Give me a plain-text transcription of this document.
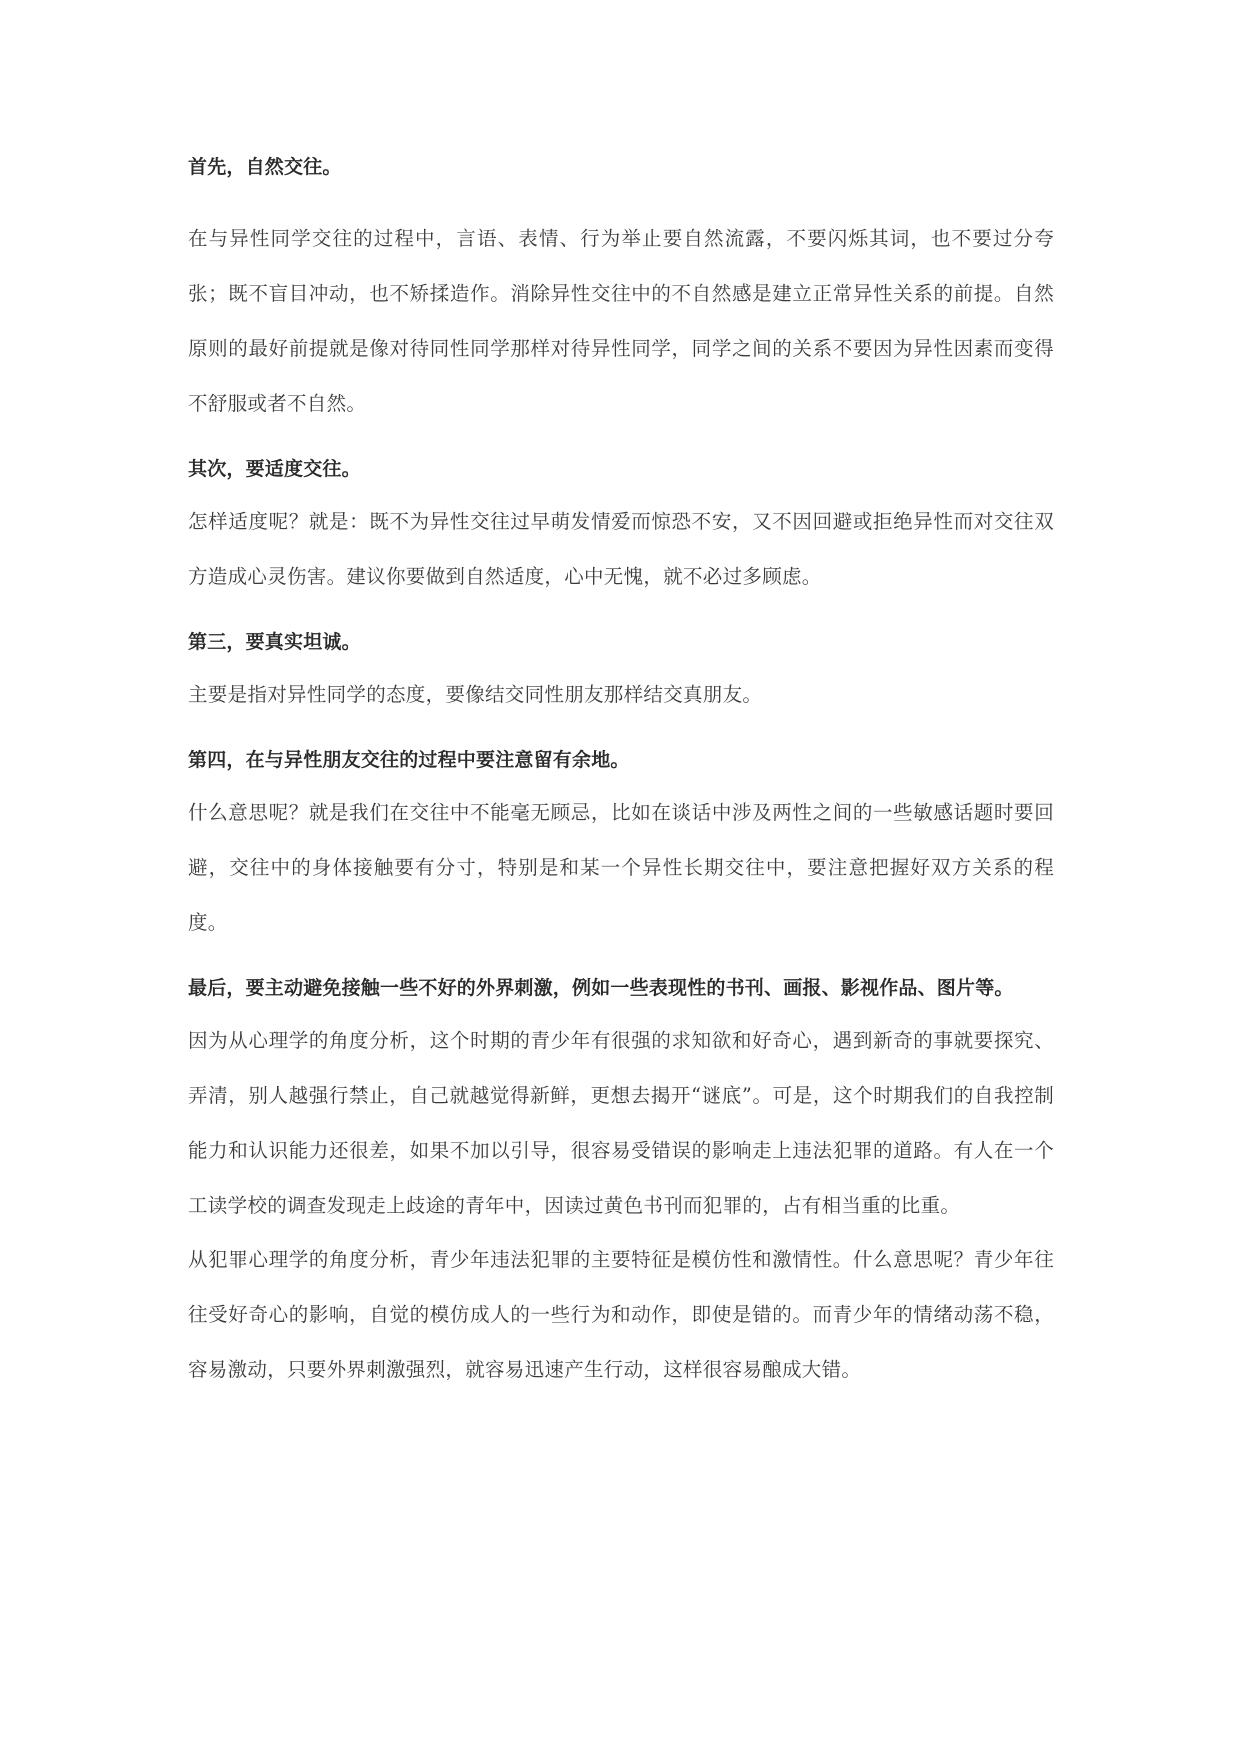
首先，自然交往。

在与异性同学交往的过程中，言语、表情、行为举止要自然流露，不要闪烁其词，也不要过分夸张；既不盲目冲动，也不矫揉造作。消除异性交往中的不自然感是建立正常异性关系的前提。自然原则的最好前提就是像对待同性同学那样对待异性同学，同学之间的关系不要因为异性因素而变得不舒服或者不自然。

其次，要适度交往。

怎样适度呢？就是：既不为异性交往过早萌发情爱而惊恐不安，又不因回避或拒绝异性而对交往双方造成心灵伤害。建议你要做到自然适度，心中无愧，就不必过多顾虑。

第三，要真实坦诚。

主要是指对异性同学的态度，要像结交同性朋友那样结交真朋友。

第四，在与异性朋友交往的过程中要注意留有余地。

什么意思呢？就是我们在交往中不能毫无顾忌，比如在谈话中涉及两性之间的一些敏感话题时要回避，交往中的身体接触要有分寸，特别是和某一个异性长期交往中，要注意把握好双方关系的程度。

最后，要主动避免接触一些不好的外界刺激，例如一些表现性的书刊、画报、影视作品、图片等。

因为从心理学的角度分析，这个时期的青少年有很强的求知欲和好奇心，遇到新奇的事就要探究、弄清，别人越强行禁止，自己就越觉得新鲜，更想去揭开“谜底”。可是，这个时期我们的自我控制能力和认识能力还很差，如果不加以引导，很容易受错误的影响走上违法犯罪的道路。有人在一个工读学校的调查发现走上歧途的青年中，因读过黄色书刊而犯罪的，占有相当重的比重。

从犯罪心理学的角度分析，青少年违法犯罪的主要特征是模仿性和激情性。什么意思呢？青少年往往受好奇心的影响，自觉的模仿成人的一些行为和动作，即使是错的。而青少年的情绪动荡不稳，容易激动，只要外界刺激强烈，就容易迅速产生行动，这样很容易酿成大错。
